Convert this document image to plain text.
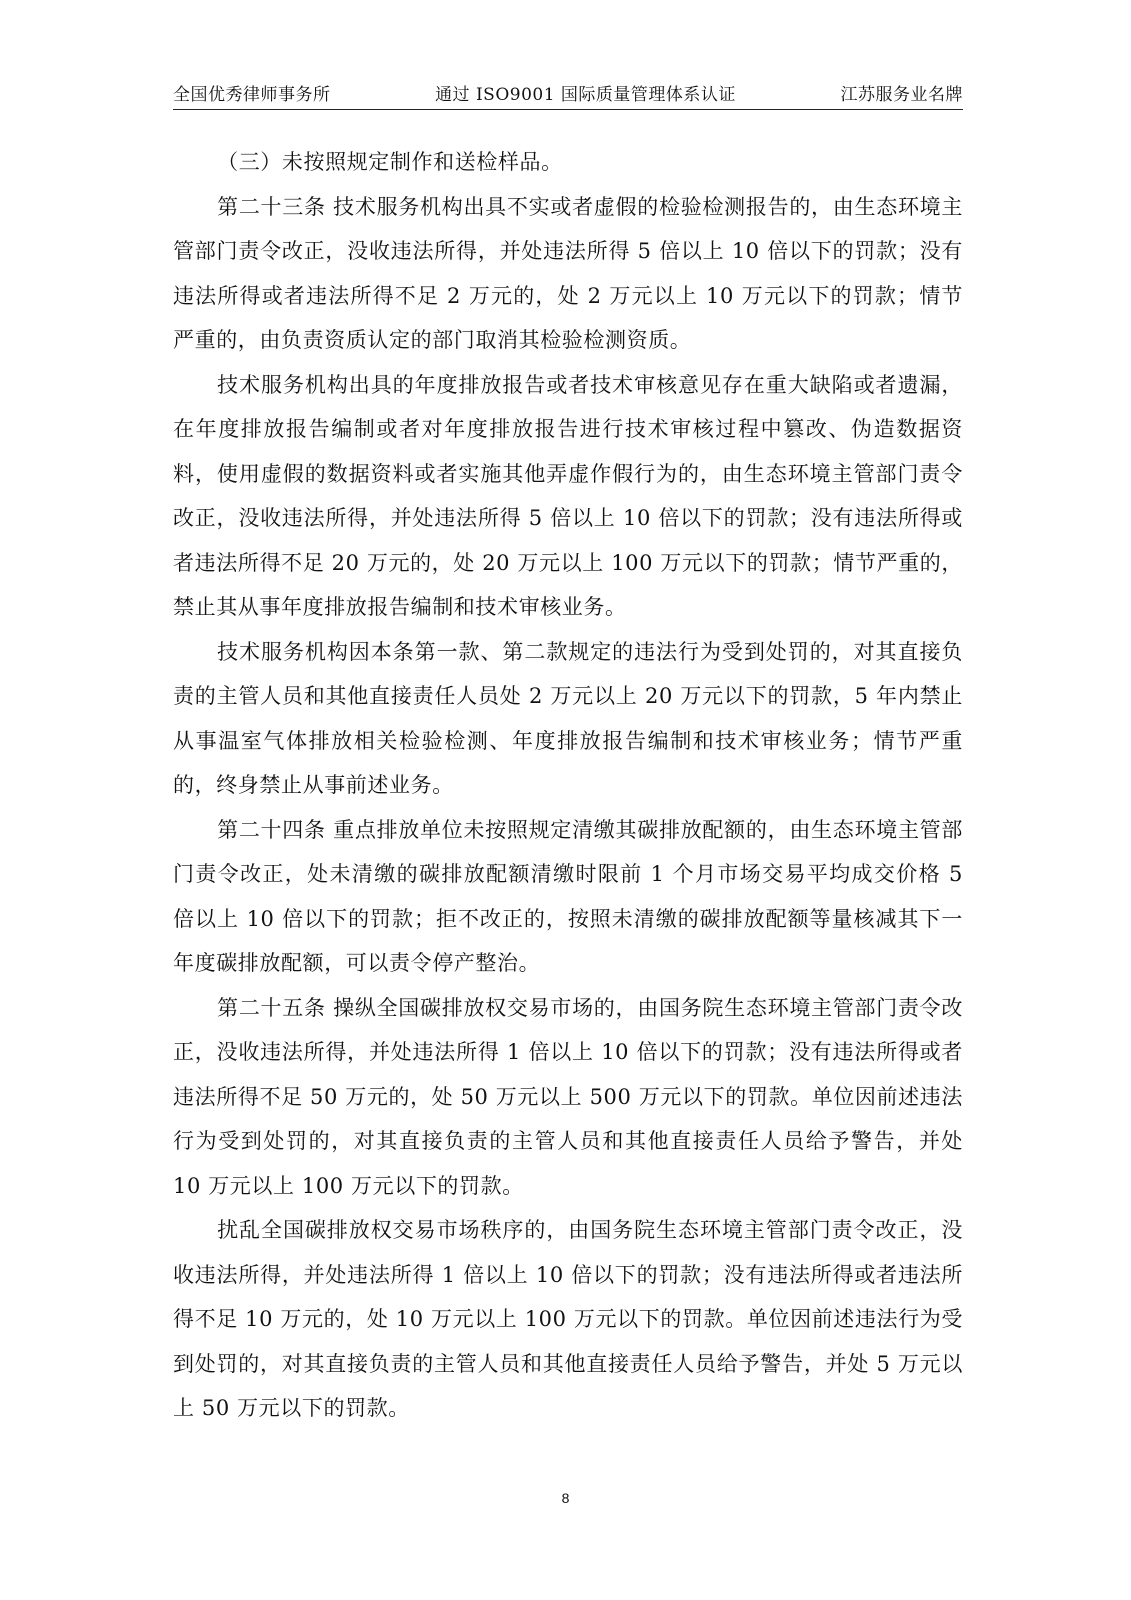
全国优秀律师事务所	通过 ISO9001 国际质量管理体系认证	江苏服务业名牌

（三）未按照规定制作和送检样品。

第二十三条 技术服务机构出具不实或者虚假的检验检测报告的，由生态环境主管部门责令改正，没收违法所得，并处违法所得 5 倍以上 10 倍以下的罚款；没有违法所得或者违法所得不足 2 万元的，处 2 万元以上 10 万元以下的罚款；情节严重的，由负责资质认定的部门取消其检验检测资质。

技术服务机构出具的年度排放报告或者技术审核意见存在重大缺陷或者遗漏，在年度排放报告编制或者对年度排放报告进行技术审核过程中篡改、伪造数据资料，使用虚假的数据资料或者实施其他弄虚作假行为的，由生态环境主管部门责令改正，没收违法所得，并处违法所得 5 倍以上 10 倍以下的罚款；没有违法所得或者违法所得不足 20 万元的，处 20 万元以上 100 万元以下的罚款；情节严重的，禁止其从事年度排放报告编制和技术审核业务。

技术服务机构因本条第一款、第二款规定的违法行为受到处罚的，对其直接负责的主管人员和其他直接责任人员处 2 万元以上 20 万元以下的罚款，5 年内禁止从事温室气体排放相关检验检测、年度排放报告编制和技术审核业务；情节严重的，终身禁止从事前述业务。

第二十四条 重点排放单位未按照规定清缴其碳排放配额的，由生态环境主管部门责令改正，处未清缴的碳排放配额清缴时限前 1 个月市场交易平均成交价格 5 倍以上 10 倍以下的罚款；拒不改正的，按照未清缴的碳排放配额等量核减其下一年度碳排放配额，可以责令停产整治。

第二十五条 操纵全国碳排放权交易市场的，由国务院生态环境主管部门责令改正，没收违法所得，并处违法所得 1 倍以上 10 倍以下的罚款；没有违法所得或者违法所得不足 50 万元的，处 50 万元以上 500 万元以下的罚款。单位因前述违法行为受到处罚的，对其直接负责的主管人员和其他直接责任人员给予警告，并处 10 万元以上 100 万元以下的罚款。

扰乱全国碳排放权交易市场秩序的，由国务院生态环境主管部门责令改正，没收违法所得，并处违法所得 1 倍以上 10 倍以下的罚款；没有违法所得或者违法所得不足 10 万元的，处 10 万元以上 100 万元以下的罚款。单位因前述违法行为受到处罚的，对其直接负责的主管人员和其他直接责任人员给予警告，并处 5 万元以上 50 万元以下的罚款。

8
